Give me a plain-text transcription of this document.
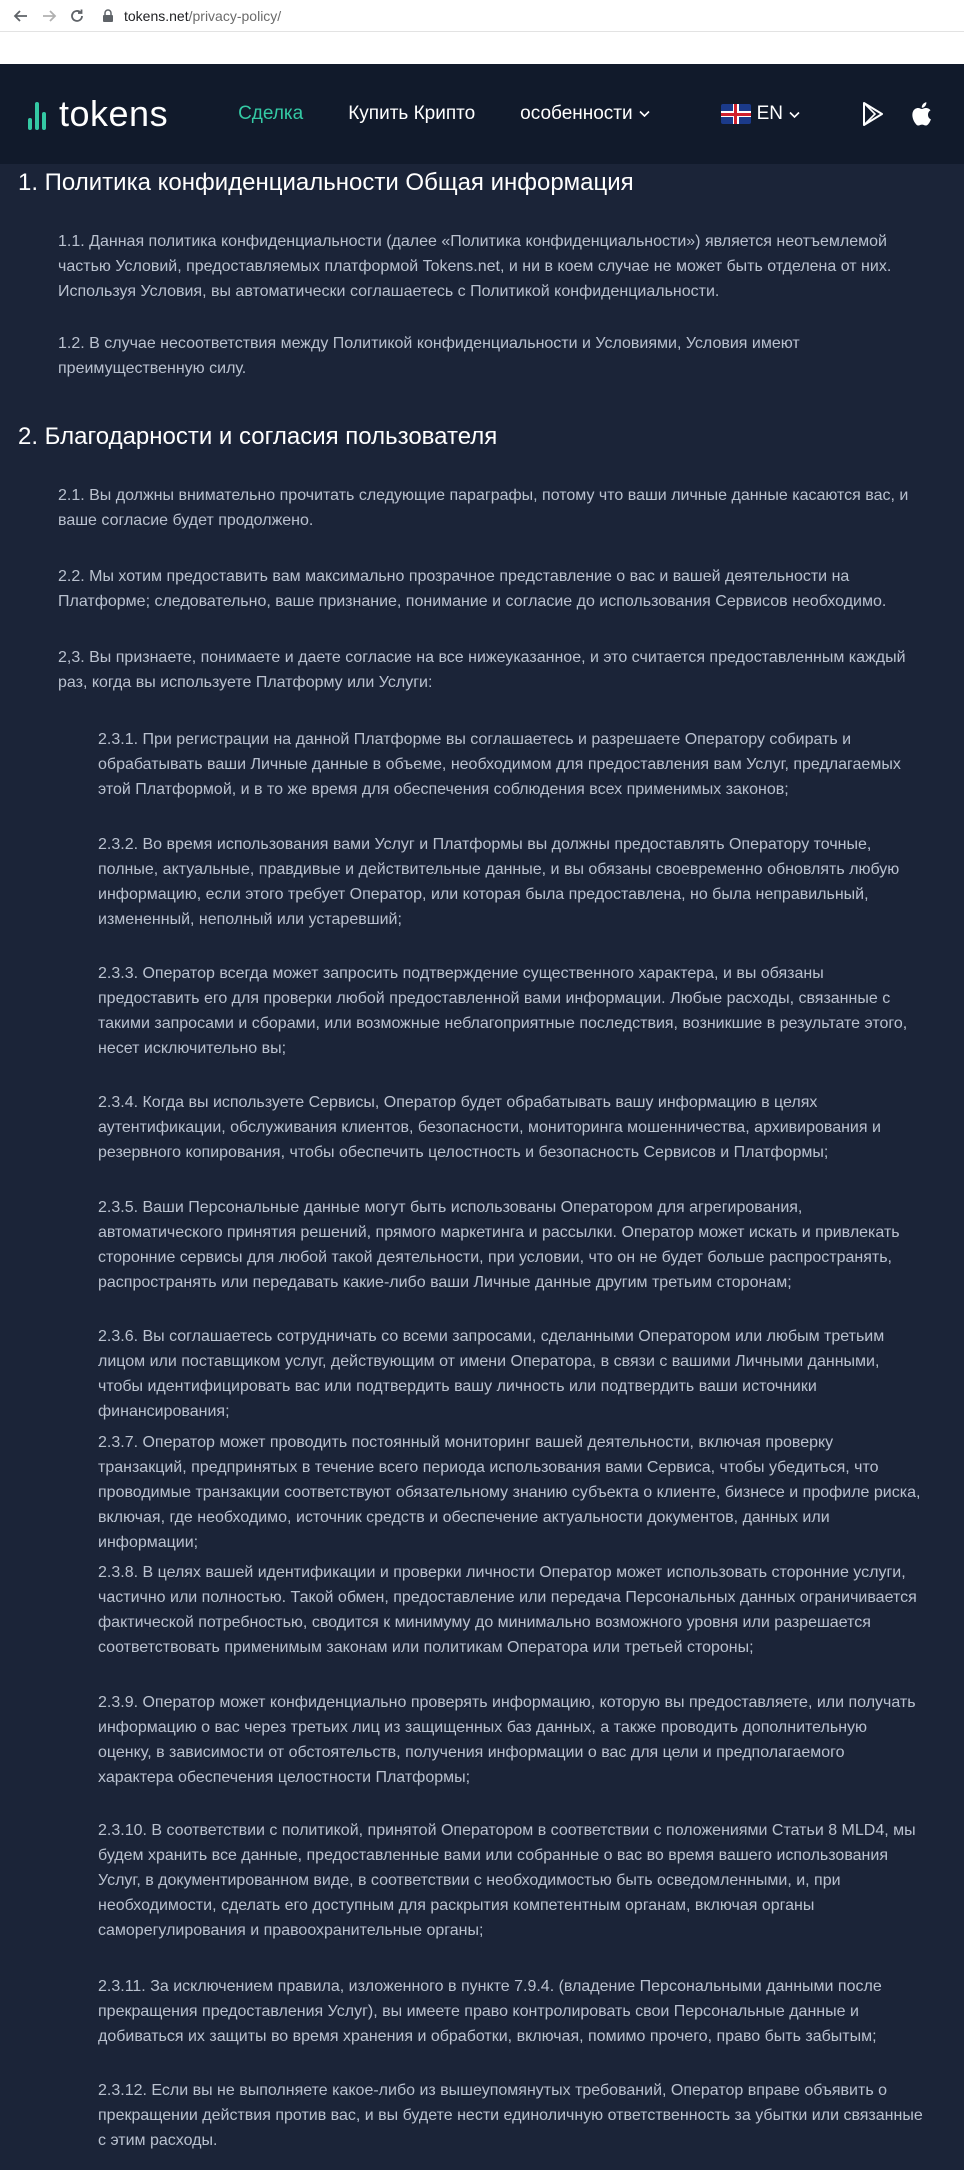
tokens.net /privacy-policy/
tokens	Сделка Купить Крипто особенности	EN
1. Политика конфиденциальности Общая информация

1.1. Данная политика конфиденциальности (далее «Политика конфиденциальности») является неотъемлемой частью Условий, предоставляемых платформой Tokens.net, и ни в коем случае не может быть отделена от них. Используя Условия, вы автоматически соглашаетесь с Политикой конфиденциальности.

1.2. В случае несоответствия между Политикой конфиденциальности и Условиями, Условия имеют преимущественную силу.

2. Благодарности и согласия пользователя

2.1. Вы должны внимательно прочитать следующие параграфы, потому что ваши личные данные касаются вас, и ваше согласие будет продолжено.

2.2. Мы хотим предоставить вам максимально прозрачное представление о вас и вашей деятельности на Платформе; следовательно, ваше признание, понимание и согласие до использования Сервисов необходимо.

2,3. Вы признаете, понимаете и даете согласие на все нижеуказанное, и это считается предоставленным каждый раз, когда вы используете Платформу или Услуги:

2.3.1. При регистрации на данной Платформе вы соглашаетесь и разрешаете Оператору собирать и обрабатывать ваши Личные данные в объеме, необходимом для предоставления вам Услуг, предлагаемых этой Платформой, и в то же время для обеспечения соблюдения всех применимых законов;

2.3.2. Во время использования вами Услуг и Платформы вы должны предоставлять Оператору точные, полные, актуальные, правдивые и действительные данные, и вы обязаны своевременно обновлять любую информацию, если этого требует Оператор, или которая была предоставлена, но была неправильный, измененный, неполный или устаревший;

2.3.3. Оператор всегда может запросить подтверждение существенного характера, и вы обязаны предоставить его для проверки любой предоставленной вами информации. Любые расходы, связанные с такими запросами и сборами, или возможные неблагоприятные последствия, возникшие в результате этого, несет исключительно вы;

2.3.4. Когда вы используете Сервисы, Оператор будет обрабатывать вашу информацию в целях аутентификации, обслуживания клиентов, безопасности, мониторинга мошенничества, архивирования и резервного копирования, чтобы обеспечить целостность и безопасность Сервисов и Платформы;

2.3.5. Ваши Персональные данные могут быть использованы Оператором для агрегирования, автоматического принятия решений, прямого маркетинга и рассылки. Оператор может искать и привлекать сторонние сервисы для любой такой деятельности, при условии, что он не будет больше распространять, распространять или передавать какие-либо ваши Личные данные другим третьим сторонам;

2.3.6. Вы соглашаетесь сотрудничать со всеми запросами, сделанными Оператором или любым третьим лицом или поставщиком услуг, действующим от имени Оператора, в связи с вашими Личными данными, чтобы идентифицировать вас или подтвердить вашу личность или подтвердить ваши источники финансирования;

2.3.7. Оператор может проводить постоянный мониторинг вашей деятельности, включая проверку транзакций, предпринятых в течение всего периода использования вами Сервиса, чтобы убедиться, что проводимые транзакции соответствуют обязательному знанию субъекта о клиенте, бизнесе и профиле риска, включая, где необходимо, источник средств и обеспечение актуальности документов, данных или информации;

2.3.8. В целях вашей идентификации и проверки личности Оператор может использовать сторонние услуги, частично или полностью. Такой обмен, предоставление или передача Персональных данных ограничивается фактической потребностью, сводится к минимуму до минимально возможного уровня или разрешается соответствовать применимым законам или политикам Оператора или третьей стороны;

2.3.9. Оператор может конфиденциально проверять информацию, которую вы предоставляете, или получать информацию о вас через третьих лиц из защищенных баз данных, а также проводить дополнительную оценку, в зависимости от обстоятельств, получения информации о вас для цели и предполагаемого характера обеспечения целостности Платформы;

2.3.10. В соответствии с политикой, принятой Оператором в соответствии с положениями Статьи 8 MLD4, мы будем хранить все данные, предоставленные вами или собранные о вас во время вашего использования Услуг, в документированном виде, в соответствии с необходимостью быть осведомленными, и, при необходимости, сделать его доступным для раскрытия компетентным органам, включая органы саморегулирования и правоохранительные органы;

2.3.11. За исключением правила, изложенного в пункте 7.9.4. (владение Персональными данными после прекращения предоставления Услуг), вы имеете право контролировать свои Персональные данные и добиваться их защиты во время хранения и обработки, включая, помимо прочего, право быть забытым;

2.3.12. Если вы не выполняете какое-либо из вышеупомянутых требований, Оператор вправе объявить о прекращении действия против вас, и вы будете нести единоличную ответственность за убытки или связанные с этим расходы.
